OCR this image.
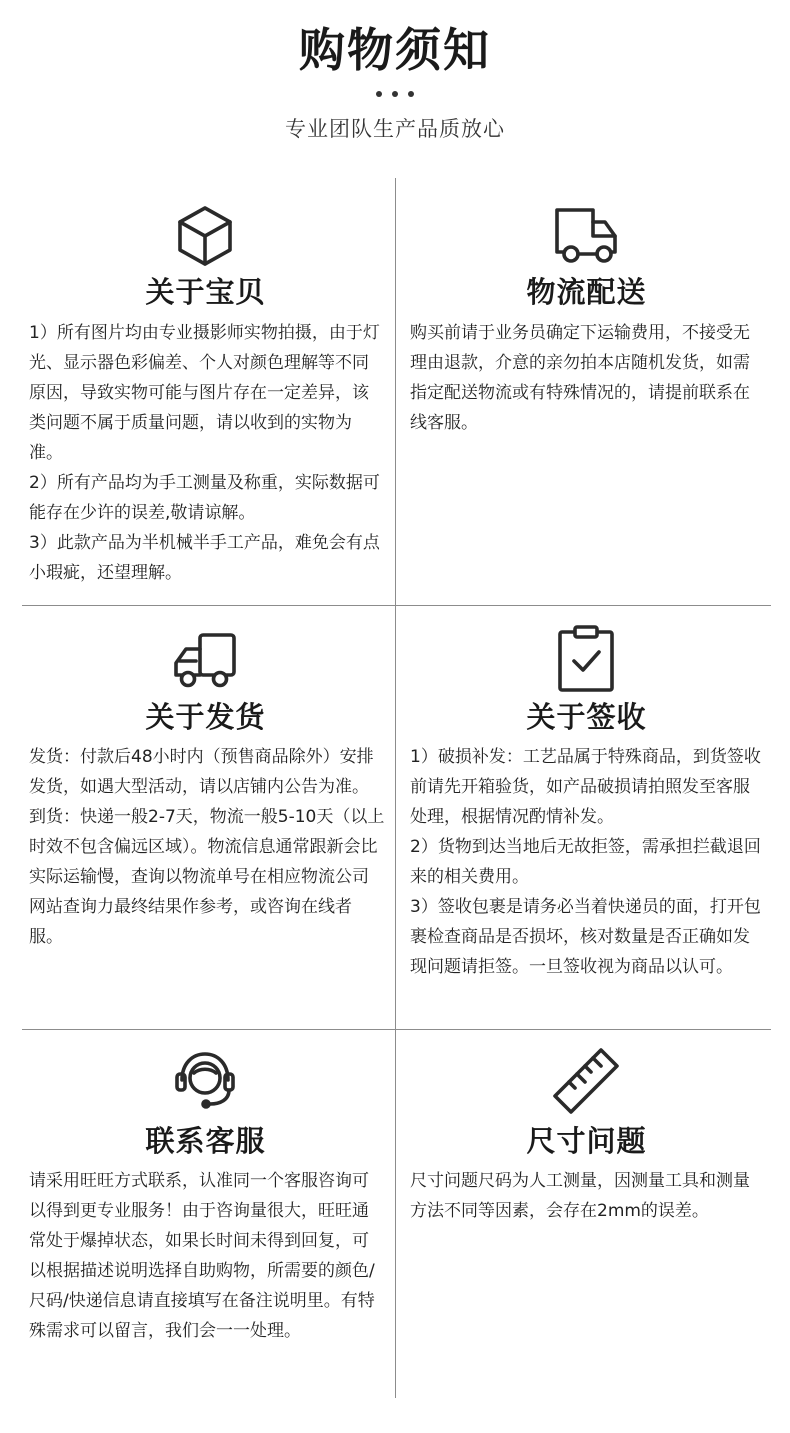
购物须知
专业团队生产品质放心
关于宝贝

1）所有图片均由专业摄影师实物拍摄，由于灯光、显示器色彩偏差、个人对颜色理解等不同原因，导致实物可能与图片存在一定差异，该类问题不属于质量问题，请以收到的实物为准。

2）所有产品均为手工测量及称重，实际数据可能存在少许的误差,敬请谅解。

3）此款产品为半机械半手工产品，难免会有点小瑕疵，还望理解。

物流配送

购买前请于业务员确定下运输费用，不接受无理由退款，介意的亲勿拍本店随机发货，如需指定配送物流或有特殊情况的，请提前联系在线客服。

关于发货

发货：付款后48小时内（预售商品除外）安排发货，如遇大型活动，请以店铺内公告为准。

到货：快递一般2-7天，物流一般5-10天（以上时效不包含偏远区域）。物流信息通常跟新会比实际运输慢，查询以物流单号在相应物流公司网站查询力最终结果作参考，或咨询在线者服。

关于签收

1）破损补发：工艺品属于特殊商品，到货签收前请先开箱验货，如产品破损请拍照发至客服处理，根据情况酌情补发。

2）货物到达当地后无故拒签，需承担拦截退回来的相关费用。

3）签收包裹是请务必当着快递员的面，打开包裹检查商品是否损坏，核对数量是否正确如发现问题请拒签。一旦签收视为商品以认可。

联系客服

请采用旺旺方式联系，认准同一个客服咨询可以得到更专业服务！由于咨询量很大，旺旺通常处于爆掉状态，如果长时间未得到回复，可以根据描述说明选择自助购物，所需要的颜色/尺码/快递信息请直接填写在备注说明里。有特殊需求可以留言，我们会一一处理。

尺寸问题

尺寸问题尺码为人工测量，因测量工具和测量方法不同等因素，会存在2mm的误差。
